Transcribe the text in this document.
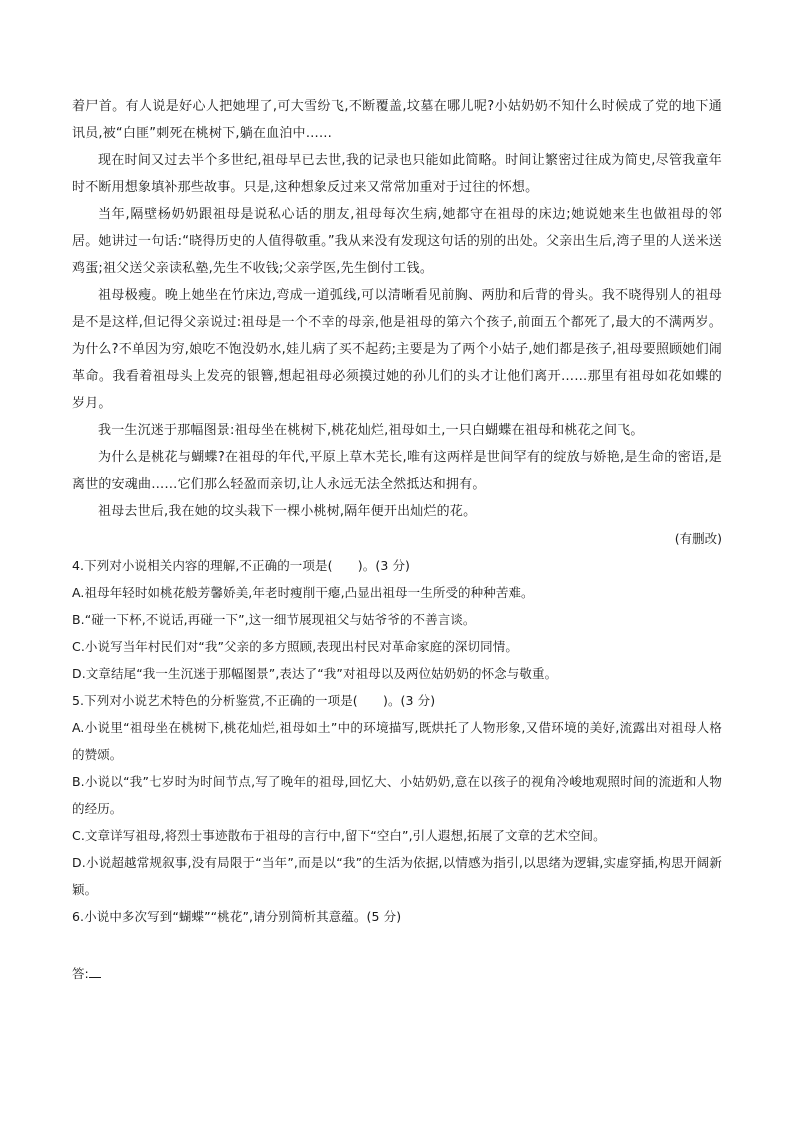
着尸首。有人说是好心人把她埋了,可大雪纷飞,不断覆盖,坟墓在哪儿呢?小姑奶奶不知什么时候成了党的地下通讯员,被“白匪”刺死在桃树下,躺在血泊中……

现在时间又过去半个多世纪,祖母早已去世,我的记录也只能如此简略。时间让繁密过往成为简史,尽管我童年时不断用想象填补那些故事。只是,这种想象反过来又常常加重对于过往的怀想。

当年,隔壁杨奶奶跟祖母是说私心话的朋友,祖母每次生病,她都守在祖母的床边;她说她来生也做祖母的邻居。她讲过一句话:“晓得历史的人值得敬重。”我从来没有发现这句话的别的出处。父亲出生后,湾子里的人送米送鸡蛋;祖父送父亲读私塾,先生不收钱;父亲学医,先生倒付工钱。

祖母极瘦。晚上她坐在竹床边,弯成一道弧线,可以清晰看见前胸、两肋和后背的骨头。我不晓得别人的祖母是不是这样,但记得父亲说过:祖母是一个不幸的母亲,他是祖母的第六个孩子,前面五个都死了,最大的不满两岁。为什么?不单因为穷,娘吃不饱没奶水,娃儿病了买不起药;主要是为了两个小姑子,她们都是孩子,祖母要照顾她们闹革命。我看着祖母头上发亮的银簪,想起祖母必须摸过她的孙儿们的头才让他们离开……那里有祖母如花如蝶的岁月。

我一生沉迷于那幅图景:祖母坐在桃树下,桃花灿烂,祖母如土,一只白蝴蝶在祖母和桃花之间飞。

为什么是桃花与蝴蝶?在祖母的年代,平原上草木芜长,唯有这两样是世间罕有的绽放与娇艳,是生命的密语,是离世的安魂曲……它们那么轻盈而亲切,让人永远无法全然抵达和拥有。

祖母去世后,我在她的坟头栽下一棵小桃树,隔年便开出灿烂的花。

(有删改)

4.下列对小说相关内容的理解,不正确的一项是(　　)。(3 分)

A.祖母年轻时如桃花般芳馨娇美,年老时瘦削干瘪,凸显出祖母一生所受的种种苦难。

B.“碰一下杯,不说话,再碰一下”,这一细节展现祖父与姑爷爷的不善言谈。

C.小说写当年村民们对“我”父亲的多方照顾,表现出村民对革命家庭的深切同情。

D.文章结尾“我一生沉迷于那幅图景”,表达了“我”对祖母以及两位姑奶奶的怀念与敬重。

5.下列对小说艺术特色的分析鉴赏,不正确的一项是(　　)。(3 分)

A.小说里“祖母坐在桃树下,桃花灿烂,祖母如土”中的环境描写,既烘托了人物形象,又借环境的美好,流露出对祖母人格的赞颂。

B.小说以“我”七岁时为时间节点,写了晚年的祖母,回忆大、小姑奶奶,意在以孩子的视角冷峻地观照时间的流逝和人物的经历。

C.文章详写祖母,将烈士事迹散布于祖母的言行中,留下“空白”,引人遐想,拓展了文章的艺术空间。

D.小说超越常规叙事,没有局限于“当年”,而是以“我”的生活为依据,以情感为指引,以思绪为逻辑,实虚穿插,构思开阔新颖。

6.小说中多次写到“蝴蝶”“桃花”,请分别简析其意蕴。(5 分)

答:
